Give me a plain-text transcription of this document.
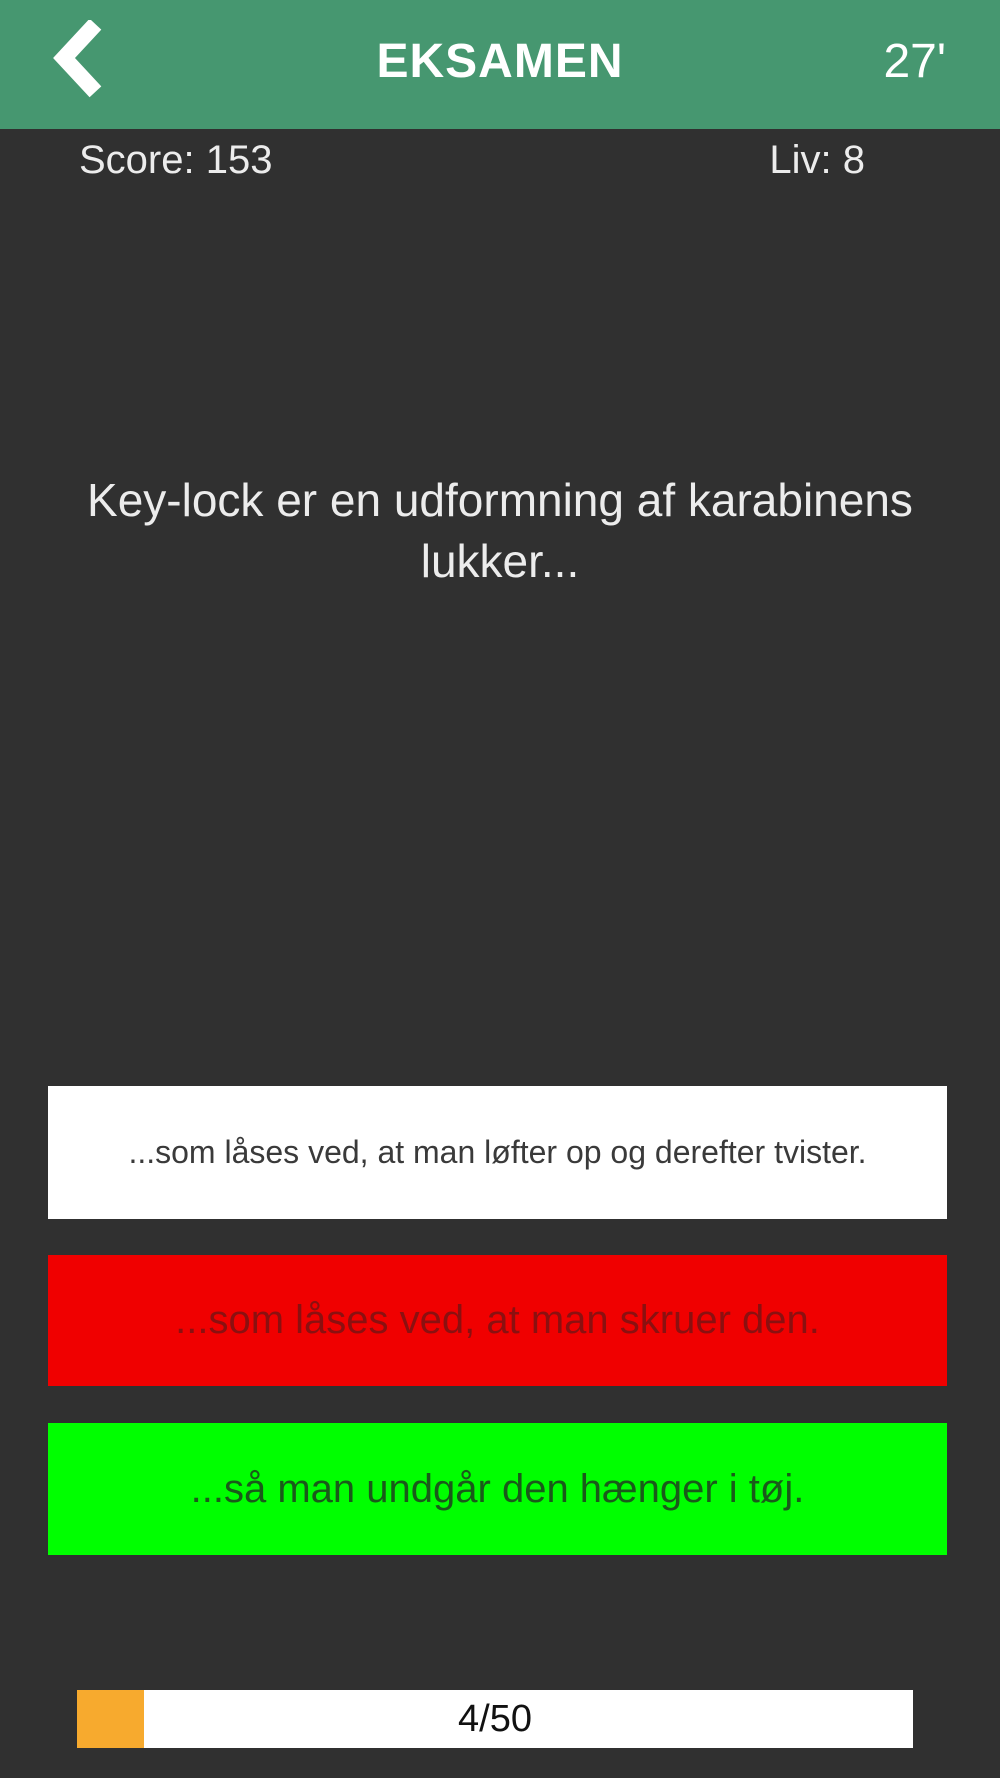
EKSAMEN	27'
Score: 153	Liv: 8
Key-lock er en udformning af karabinens lukker...
...som låses ved, at man løfter op og derefter tvister.
...som låses ved, at man skruer den.
...så man undgår den hænger i tøj.
4/50
